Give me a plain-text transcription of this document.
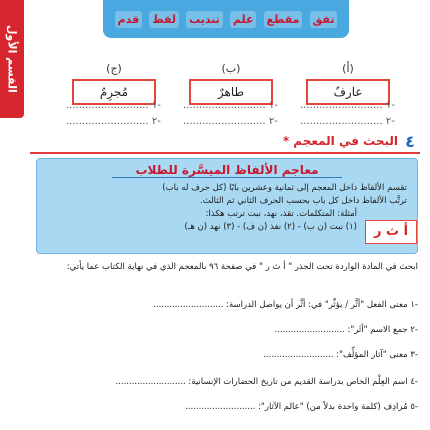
القسم الأول
تفق
مقطع
علم
تنديب
لفظ
قدم
(أ)
عارفٌ
(ب)
طاهرٌ
(ج)
مُجرِمٌ
-١ ..........................
-١ ..........................
-١ ..........................
-٢ ..........................
-٢ ..........................
-٢ ..........................
٤
البحث في المعجم *
معاجم الألفاظ الميسَّرة للطلاب
تقسم الألفاظ داخل المعجم إلى ثمانية وعشرين بابًا (كل حرف له باب)
ترتَّب الألفاظ داخل كل باب بحسب الحرف الثاني ثم الثالث.
أمثلة: المتكلمات. تقذ، نهد، نبت ترتب هكذا:
(١) نبت (ن ب) - (٢) نفذ (ن ف) - (٣) نهد (ن هـ)	أ ث ر
ابحث في المادة الواردة تحت الجذر " أ ث ر " في صفحة ٩٦ بالمعجم الذي في نهاية الكتاب عما يأتي:
-١ معنى الفعل "أثَّر / يؤثِّر" في: أثَّر أن يواصل الدراسة: ..........................
-٢ جمع الاسم "أثَر": ..........................
-٣ معنى "آثار المؤلِّف": ..........................
-٤ اسم العِلْم الخاص بدراسة القديم من تاريخ الحضارات الإنسانية: ..........................
-٥ مُرادِف (كلمة واحدة بدلاً من) "عالم الآثار": ..........................
